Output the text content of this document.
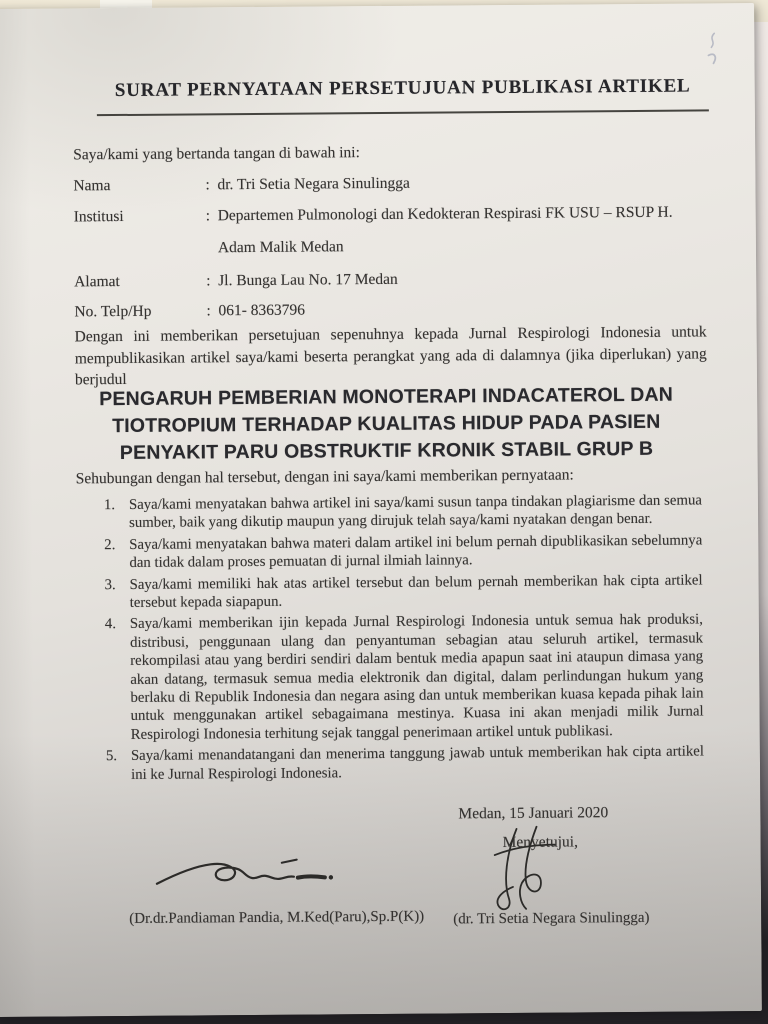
SURAT PERNYATAAN PERSETUJUAN PUBLIKASI ARTIKEL
Saya/kami yang bertanda tangan di bawah ini:
Nama	: dr. Tri Setia Negara Sinulingga
Institusi	: Departemen Pulmonologi dan Kedokteran Respirasi FK USU – RSUP H.
Adam Malik Medan
Alamat	: Jl. Bunga Lau No. 17 Medan
No. Telp/Hp	: 061- 8363796
Dengan ini memberikan persetujuan sepenuhnya kepada Jurnal Respirologi Indonesia untuk mempublikasikan artikel saya/kami beserta perangkat yang ada di dalamnya (jika diperlukan) yang berjudul
PENGARUH PEMBERIAN MONOTERAPI INDACATEROL DAN TIOTROPIUM TERHADAP KUALITAS HIDUP PADA PASIEN PENYAKIT PARU OBSTRUKTIF KRONIK STABIL GRUP B
Sehubungan dengan hal tersebut, dengan ini saya/kami memberikan pernyataan:
Saya/kami menyatakan bahwa artikel ini saya/kami susun tanpa tindakan plagiarisme dan semua sumber, baik yang dikutip maupun yang dirujuk telah saya/kami nyatakan dengan benar.
Saya/kami menyatakan bahwa materi dalam artikel ini belum pernah dipublikasikan sebelumnya dan tidak dalam proses pemuatan di jurnal ilmiah lainnya.
Saya/kami memiliki hak atas artikel tersebut dan belum pernah memberikan hak cipta artikel tersebut kepada siapapun.
Saya/kami memberikan ijin kepada Jurnal Respirologi Indonesia untuk semua hak produksi, distribusi, penggunaan ulang dan penyantuman sebagian atau seluruh artikel, termasuk rekompilasi atau yang berdiri sendiri dalam bentuk media apapun saat ini ataupun dimasa yang akan datang, termasuk semua media elektronik dan digital, dalam perlindungan hukum yang berlaku di Republik Indonesia dan negara asing dan untuk memberikan kuasa kepada pihak lain untuk menggunakan artikel sebagaimana mestinya. Kuasa ini akan menjadi milik Jurnal Respirologi Indonesia terhitung sejak tanggal penerimaan artikel untuk publikasi.
Saya/kami menandatangani dan menerima tanggung jawab untuk memberikan hak cipta artikel ini ke Jurnal Respirologi Indonesia.
Medan, 15 Januari 2020
Menyetujui,
(Dr.dr.Pandiaman Pandia, M.Ked(Paru),Sp.P(K)) (dr. Tri Setia Negara Sinulingga)
